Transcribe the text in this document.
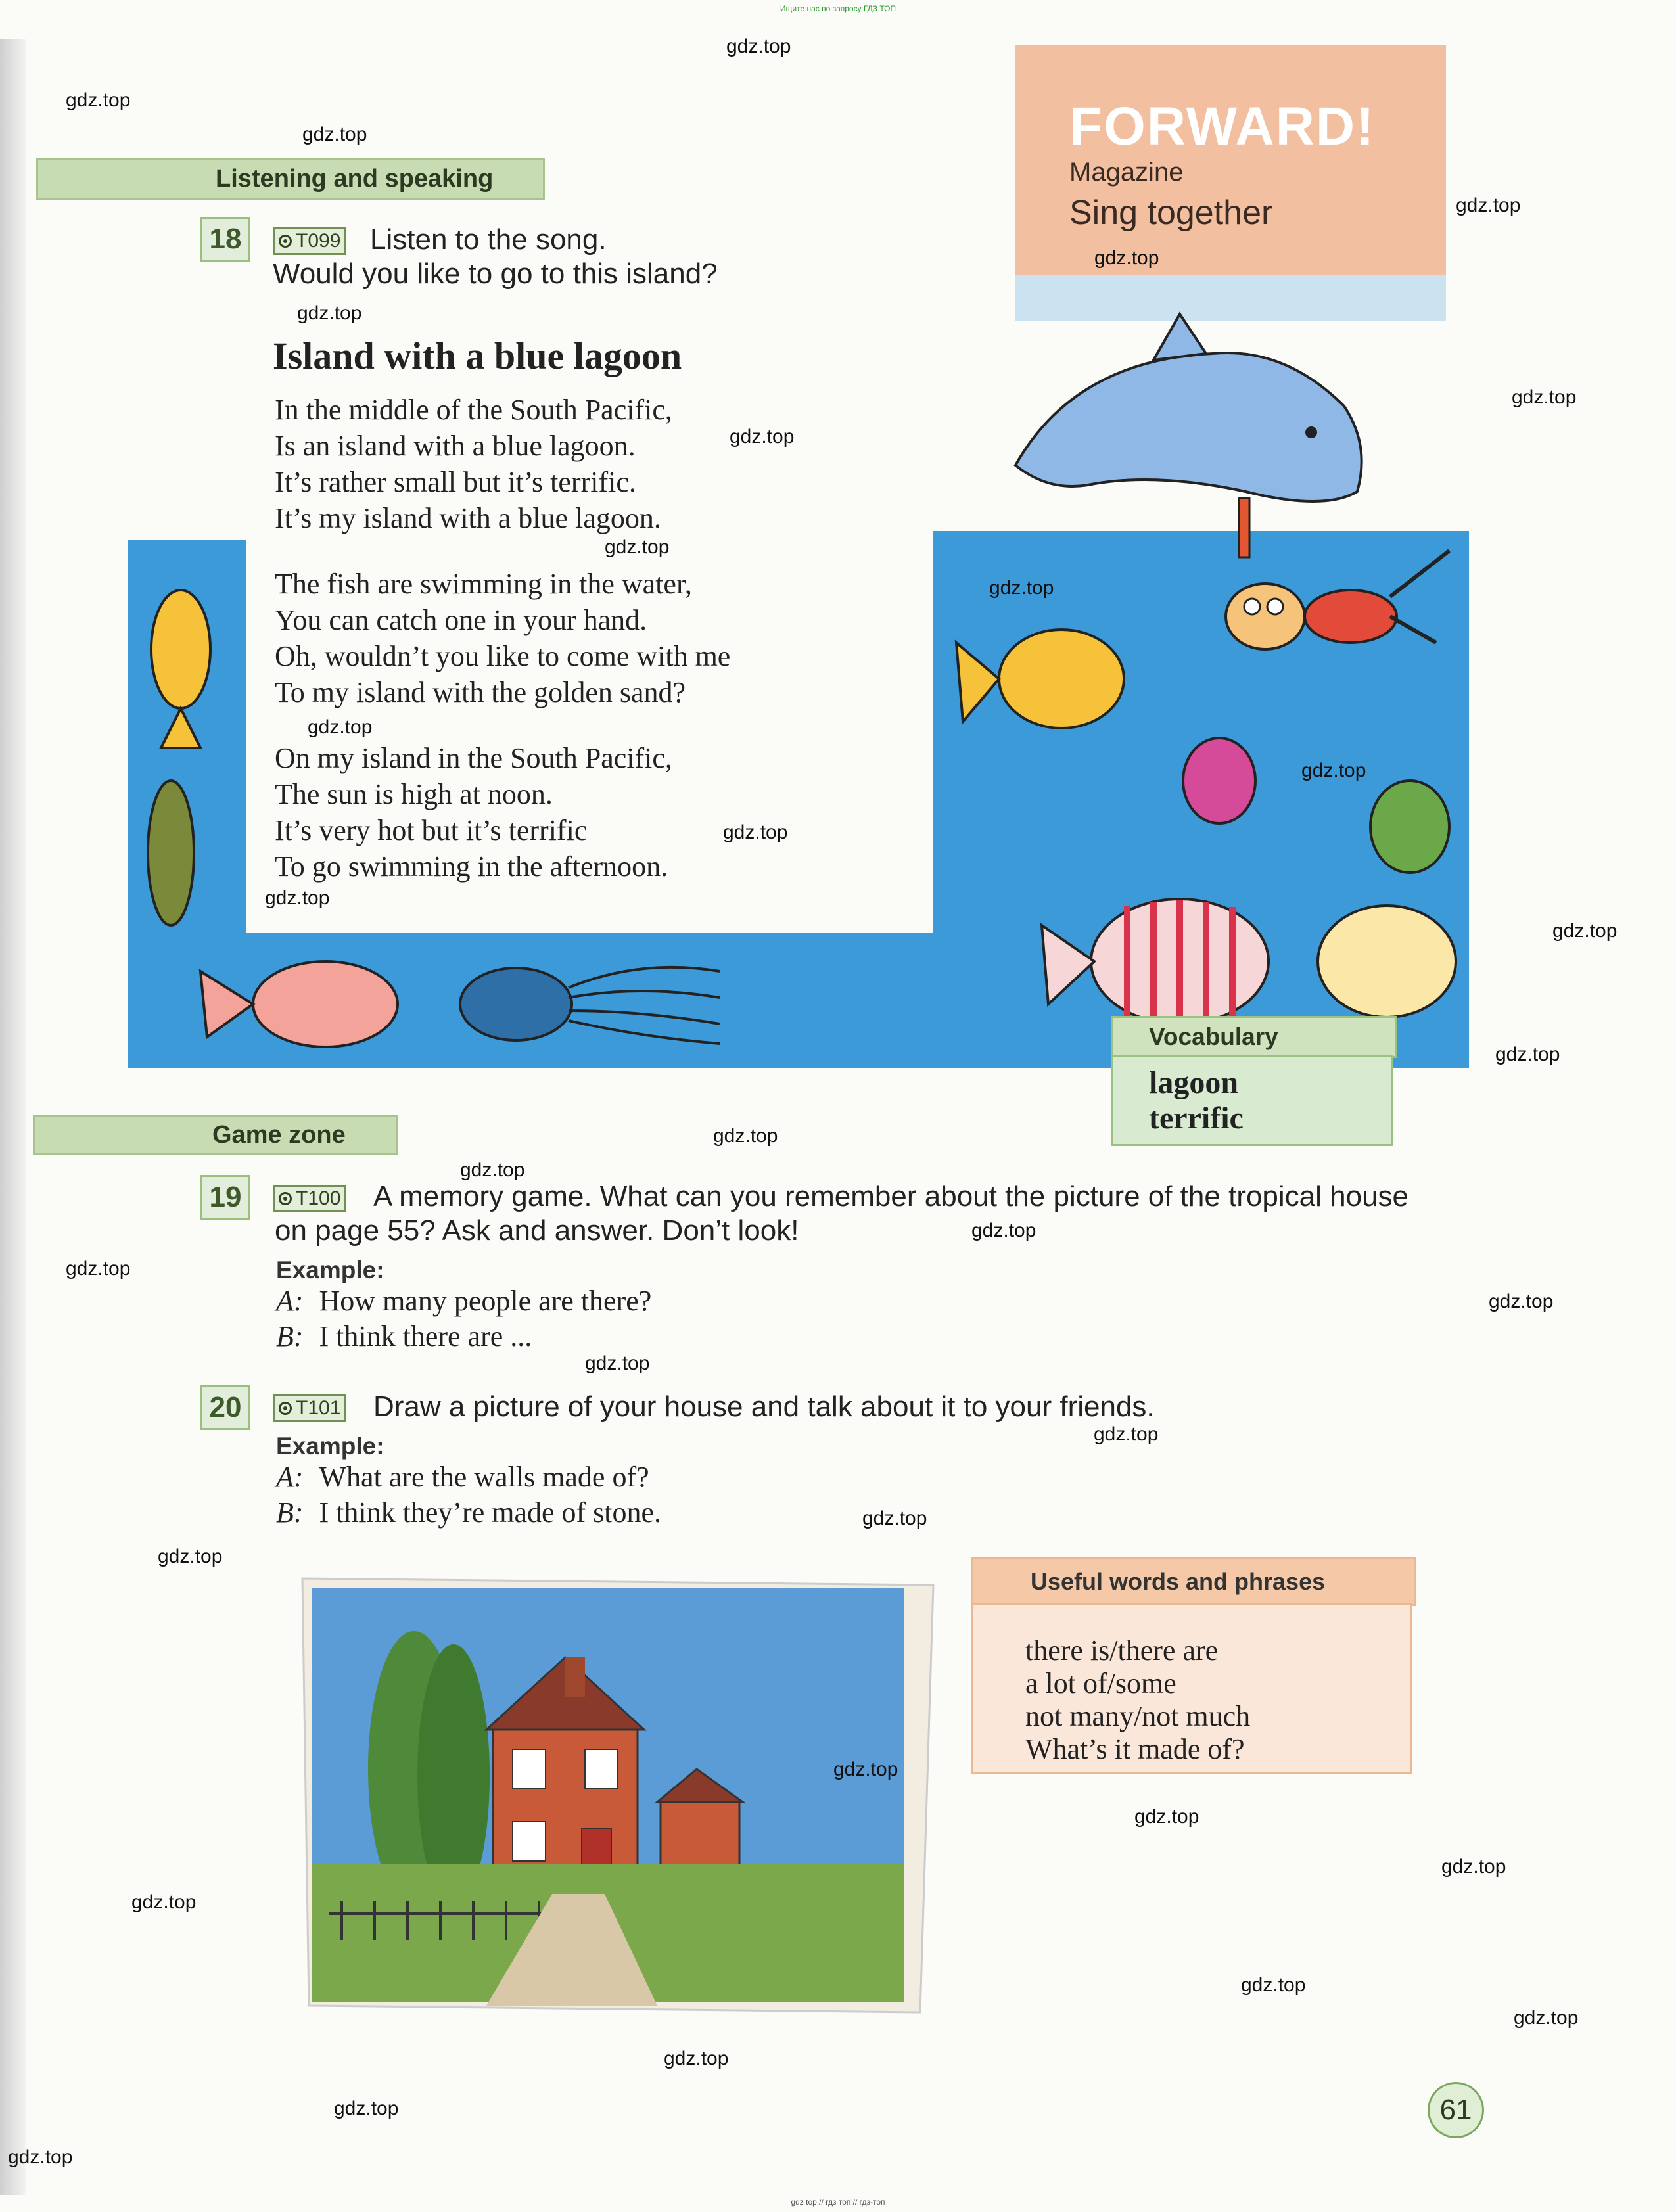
Ищите нас по запросу ГДЗ ТОП
FORWARD!
Magazine
Sing together
Listening and speaking
18	T099 Listen to the song.
Would you like to go to this island?
Island with a blue lagoon
In the middle of the South Pacific,
Is an island with a blue lagoon.
It’s rather small but it’s terrific.
It’s my island with a blue lagoon.
The fish are swimming in the water,
You can catch one in your hand.
Oh, wouldn’t you like to come with me
To my island with the golden sand?
On my island in the South Pacific,
The sun is high at noon.
It’s very hot but it’s terrific
To go swimming in the afternoon.
Vocabulary
lagoon
terrific
Game zone
19	T100 A memory game. What can you remember about the picture of the tropical house
on page 55? Ask and answer. Don’t look!
Example:
A: How many people are there?
B: I think there are ...
20	T101 Draw a picture of your house and talk about it to your friends.
Example:
A: What are the walls made of?
B: I think they’re made of stone.
Useful words and phrases
there is/there are
a lot of/some
not many/not much
What’s it made of?
61
gdz.top
gdz.top
gdz.top
gdz.top
gdz.top
gdz.top
gdz.top
gdz.top
gdz.top
gdz.top
gdz.top
gdz.top
gdz.top
gdz.top
gdz.top
gdz.top
gdz.top
gdz.top
gdz.top
gdz.top
gdz.top
gdz.top
gdz.top
gdz.top
gdz.top
gdz.top
gdz.top
gdz.top
gdz.top
gdz.top
gdz.top
gdz.top
gdz.top
gdz.top
gdz top // гдз топ // гдз-топ
